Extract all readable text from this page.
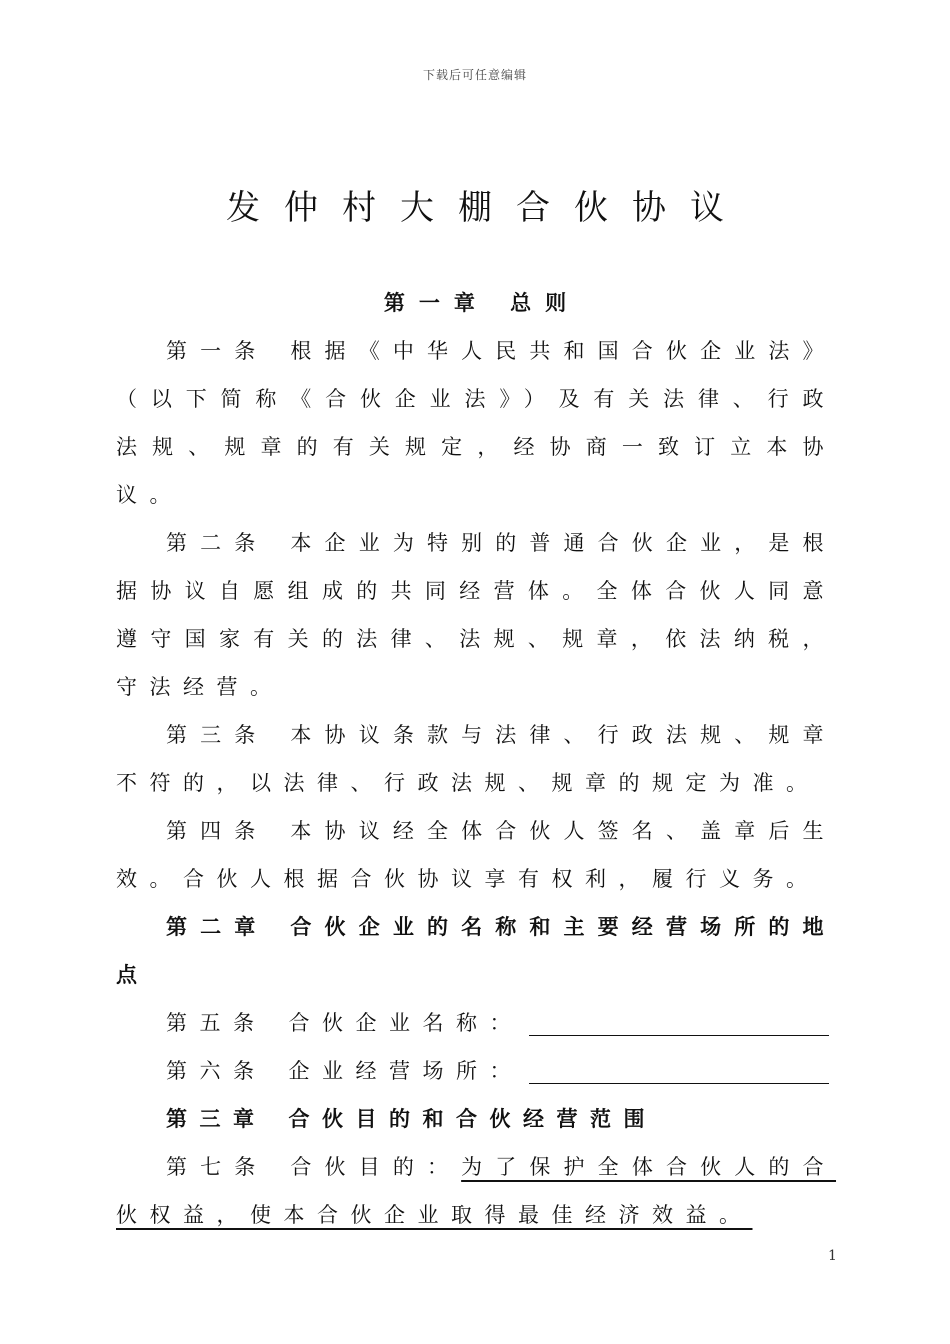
下载后可任意编辑
发仲村大棚合伙协议
第一章 总则

第一条 根据《中华人民共和国合伙企业法》（以下简称《合伙企业法》）及有关法律、行政法规、规章的有关规定，经协商一致订立本协议。

第二条 本企业为特别的普通合伙企业，是根据协议自愿组成的共同经营体。全体合伙人同意遵守国家有关的法律、法规、规章，依法纳税，守法经营。

第三条 本协议条款与法律、行政法规、规章不符的，以法律、行政法规、规章的规定为准。

第四条 本协议经全体合伙人签名、盖章后生效。合伙人根据合伙协议享有权利，履行义务。

第二章 合伙企业的名称和主要经营场所的地点

第五条 合伙企业名称：

第六条 企业经营场所：

第三章 合伙目的和合伙经营范围

第七条 合伙目的：为了保护全体合伙人的合伙权益，使本合伙企业取得最佳经济效益。

1
